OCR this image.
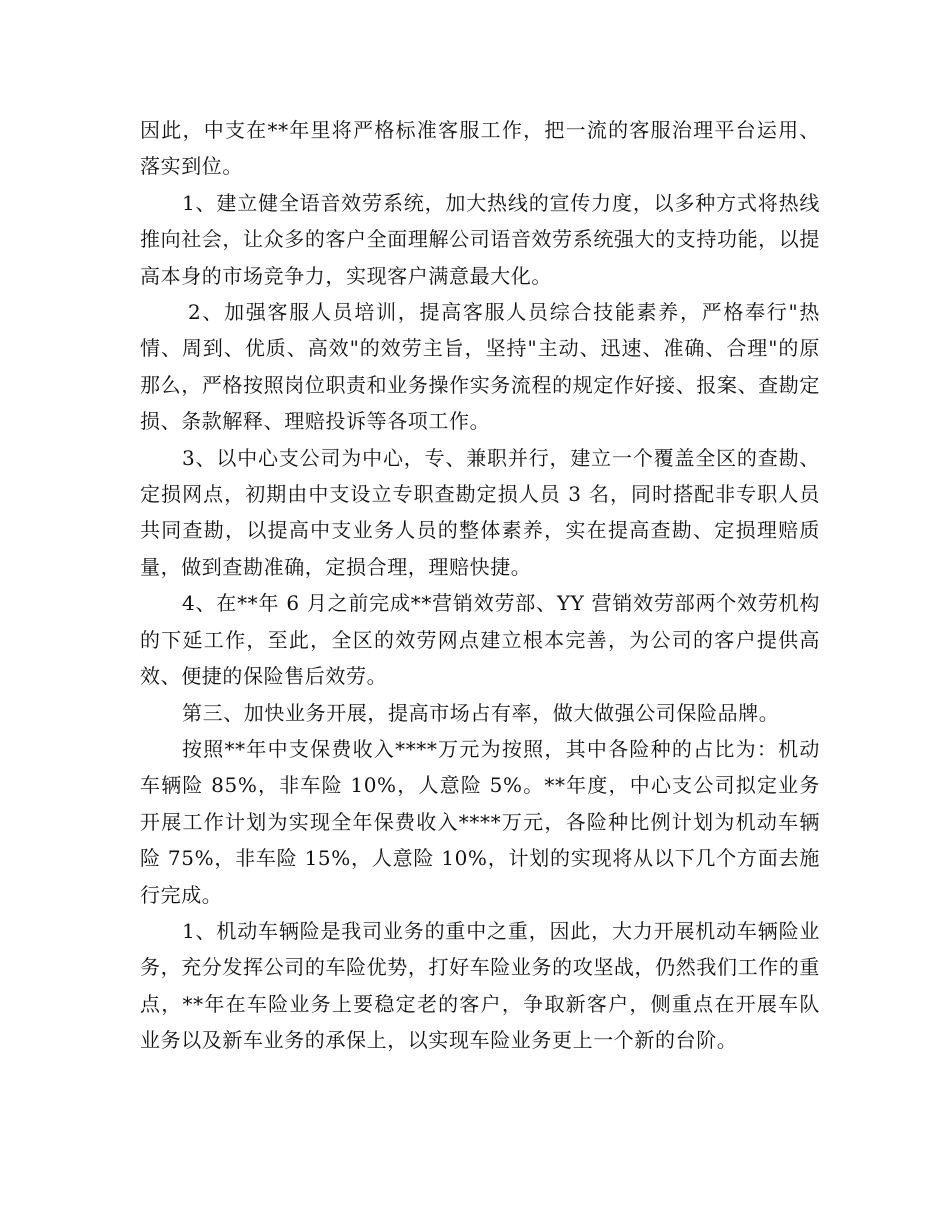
因此，中支在**年里将严格标准客服工作，把一流的客服治理平台运用、落实到位。

1、建立健全语音效劳系统，加大热线的宣传力度，以多种方式将热线推向社会，让众多的客户全面理解公司语音效劳系统强大的支持功能，以提高本身的市场竞争力，实现客户满意最大化。

2、加强客服人员培训，提高客服人员综合技能素养，严格奉行"热情、周到、优质、高效"的效劳主旨，坚持"主动、迅速、准确、合理"的原那么，严格按照岗位职责和业务操作实务流程的规定作好接、报案、查勘定损、条款解释、理赔投诉等各项工作。

3、以中心支公司为中心，专、兼职并行，建立一个覆盖全区的查勘、定损网点，初期由中支设立专职查勘定损人员 3 名，同时搭配非专职人员共同查勘，以提高中支业务人员的整体素养，实在提高查勘、定损理赔质量，做到查勘准确，定损合理，理赔快捷。

4、在**年 6 月之前完成**营销效劳部、YY 营销效劳部两个效劳机构的下延工作，至此，全区的效劳网点建立根本完善，为公司的客户提供高效、便捷的保险售后效劳。

第三、加快业务开展，提高市场占有率，做大做强公司保险品牌。

按照**年中支保费收入****万元为按照，其中各险种的占比为：机动车辆险 85%，非车险 10%，人意险 5%。**年度，中心支公司拟定业务开展工作计划为实现全年保费收入****万元，各险种比例计划为机动车辆险 75%，非车险 15%，人意险 10%，计划的实现将从以下几个方面去施行完成。

1、机动车辆险是我司业务的重中之重，因此，大力开展机动车辆险业务，充分发挥公司的车险优势，打好车险业务的攻坚战，仍然我们工作的重点，**年在车险业务上要稳定老的客户，争取新客户，侧重点在开展车队业务以及新车业务的承保上，以实现车险业务更上一个新的台阶。
